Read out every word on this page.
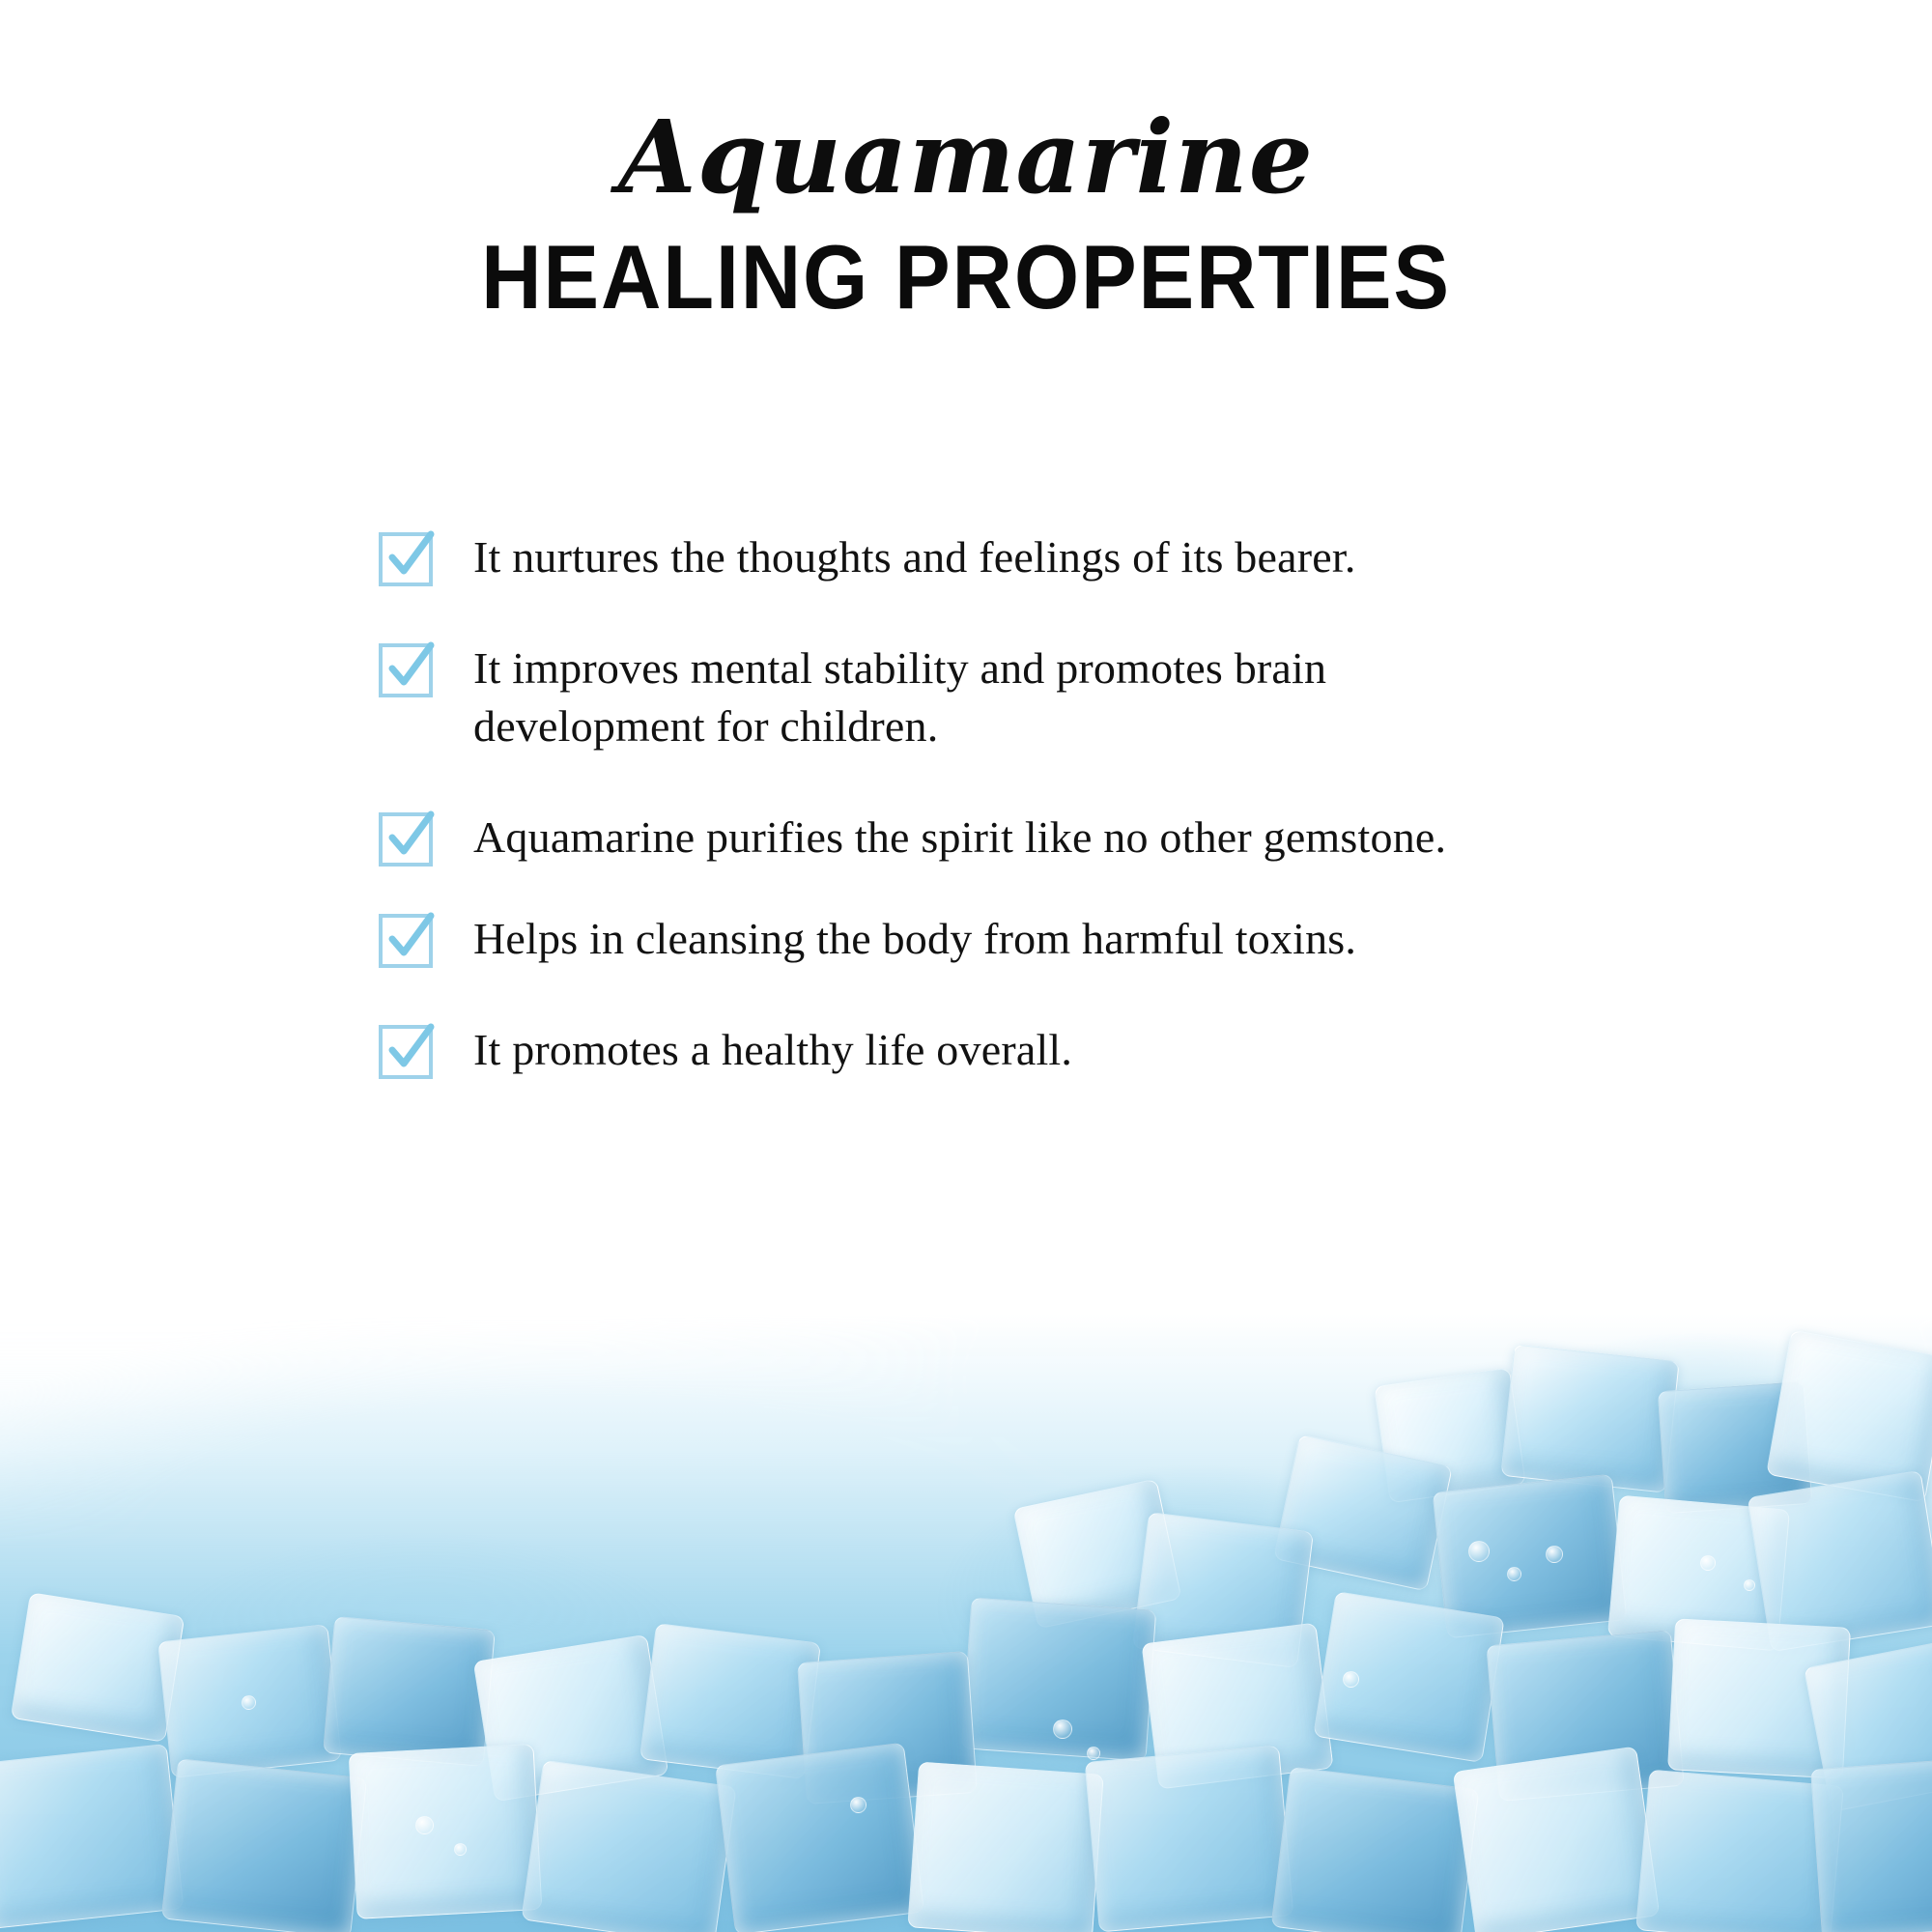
Aquamarine
HEALING PROPERTIES
It nurtures the thoughts and feelings of its bearer.
It improves mental stability and promotes brain development for children.
Aquamarine purifies the spirit like no other gemstone.
Helps in cleansing the body from harmful toxins.
It promotes a healthy life overall.
